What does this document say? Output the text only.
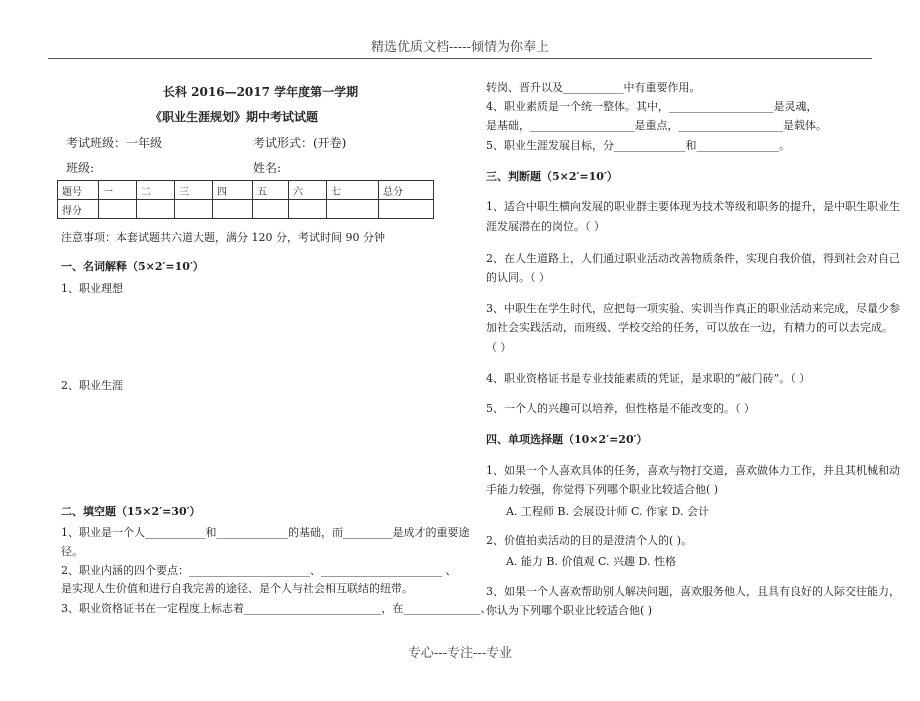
精选优质文档-----倾情为你奉上
长科 2016—2017 学年度第一学期
《职业生涯规划》期中考试试题
考试班级：一年级	考试形式：(开卷)
班级:	姓名:
题号	一	二	三	四	五	六	七	总分
得分								
注意事项：本套试题共六道大题，满分 120 分，考试时间 90 分钟
一、名词解释（5×2′=10′）
1、职业理想
2、职业生涯
二、填空题（15×2′=30′）
1、职业是一个人___________和_____________的基础，而_________是成才的重要途
径。
2、职业内涵的四个要点：______________________、______________________ 、
是实现人生价值和进行自我完善的途径、是个人与社会相互联结的纽带。
3、职业资格证书在一定程度上标志着_________________________，在______________、
转岗、晋升以及___________中有重要作用。
4、职业素质是一个统一整体。其中，___________________是灵魂，
是基础，___________________是重点，___________________是载体。
5、职业生涯发展目标，分_____________和_______________。
三、判断题（5×2′=10′）
1、适合中职生横向发展的职业群主要体现为技术等级和职务的提升，是中职生职业生
涯发展潜在的岗位。（ ）
2、在人生道路上，人们通过职业活动改善物质条件，实现自我价值，得到社会对自己
的认同。（ ）
3、中职生在学生时代，应把每一项实验、实训当作真正的职业活动来完成，尽量少参
加社会实践活动，而班级、学校交给的任务，可以放在一边，有精力的可以去完成。
（ ）
4、职业资格证书是专业技能素质的凭证，是求职的“敲门砖”。（ ）
5、一个人的兴趣可以培养，但性格是不能改变的。（ ）
四、单项选择题（10×2′=20′）
1、如果一个人喜欢具体的任务，喜欢与物打交道，喜欢做体力工作，并且其机械和动
手能力较强，你觉得下列哪个职业比较适合他( )
A. 工程师 B. 会展设计师 C. 作家 D. 会计
2、价值拍卖活动的目的是澄清个人的( )。
A. 能力 B. 价值观 C. 兴趣 D. 性格
3、如果一个人喜欢帮助别人解决问题，喜欢服务他人，且具有良好的人际交往能力，
你认为下列哪个职业比较适合他( )
专心---专注---专业
